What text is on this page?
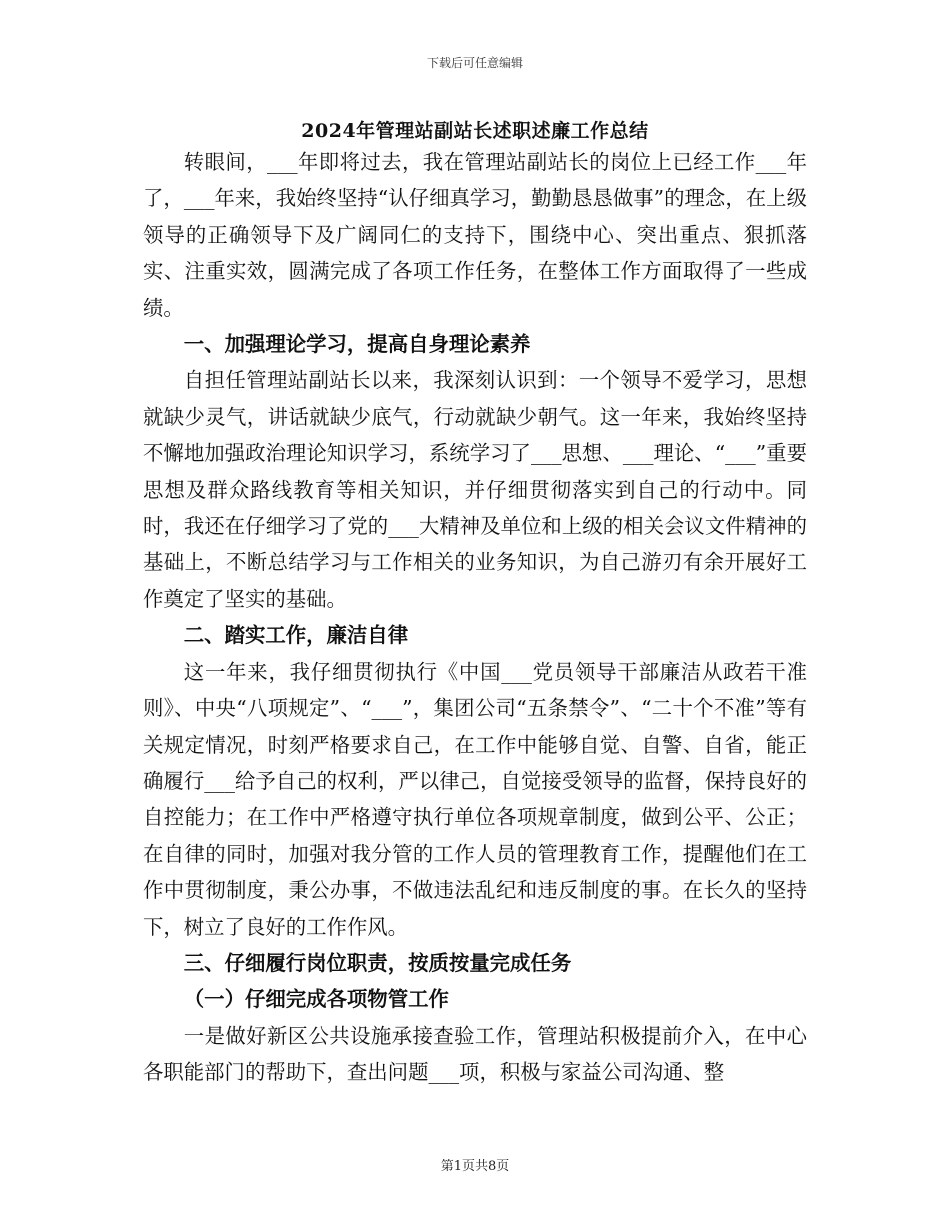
下载后可任意编辑
2024年管理站副站长述职述廉工作总结

转眼间，___年即将过去，我在管理站副站长的岗位上已经工作___年了，___年来，我始终坚持“认仔细真学习，勤勤恳恳做事”的理念，在上级领导的正确领导下及广阔同仁的支持下，围绕中心、突出重点、狠抓落实、注重实效，圆满完成了各项工作任务，在整体工作方面取得了一些成绩。

一、加强理论学习，提高自身理论素养

自担任管理站副站长以来，我深刻认识到：一个领导不爱学习，思想就缺少灵气，讲话就缺少底气，行动就缺少朝气。这一年来，我始终坚持不懈地加强政治理论知识学习，系统学习了___思想、___理论、“___”重要思想及群众路线教育等相关知识，并仔细贯彻落实到自己的行动中。同时，我还在仔细学习了党的___大精神及单位和上级的相关会议文件精神的基础上，不断总结学习与工作相关的业务知识，为自己游刃有余开展好工作奠定了坚实的基础。

二、踏实工作，廉洁自律

这一年来，我仔细贯彻执行《中国___党员领导干部廉洁从政若干准则》、中央“八项规定”、“___”，集团公司“五条禁令”、“二十个不准”等有关规定情况，时刻严格要求自己，在工作中能够自觉、自警、自省，能正确履行___给予自己的权利，严以律己，自觉接受领导的监督，保持良好的自控能力；在工作中严格遵守执行单位各项规章制度，做到公平、公正；在自律的同时，加强对我分管的工作人员的管理教育工作，提醒他们在工作中贯彻制度，秉公办事，不做违法乱纪和违反制度的事。在长久的坚持下，树立了良好的工作作风。

三、仔细履行岗位职责，按质按量完成任务

（一）仔细完成各项物管工作

一是做好新区公共设施承接查验工作，管理站积极提前介入，在中心各职能部门的帮助下，查出问题___项，积极与家益公司沟通、整

第1页共8页
